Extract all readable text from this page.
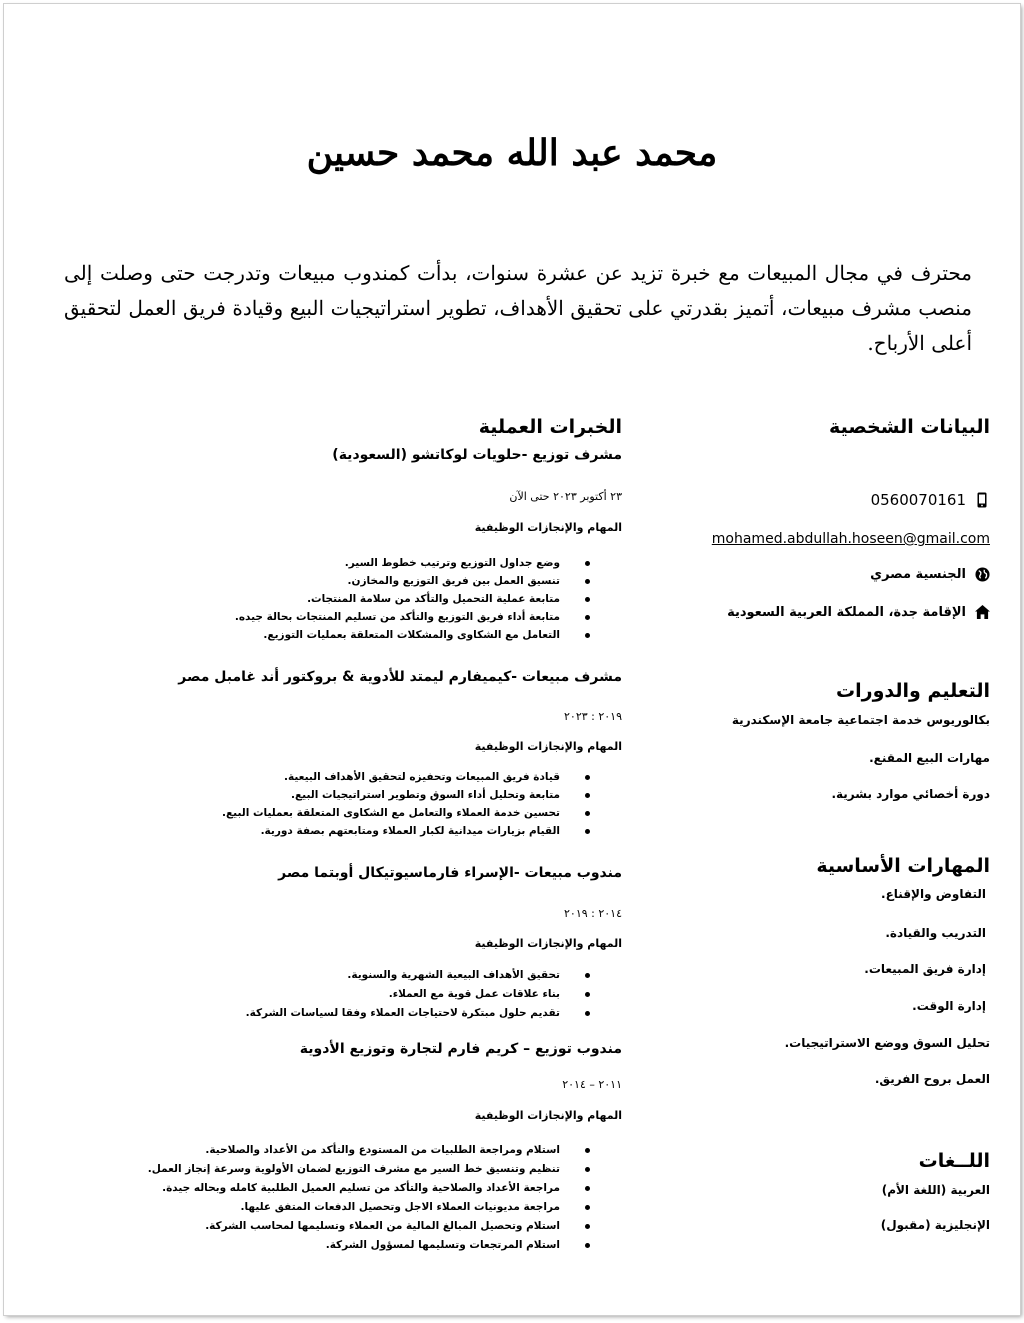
محمد عبد الله محمد حسين

محترف في مجال المبيعات مع خبرة تزيد عن عشرة سنوات، بدأت كمندوب مبيعات وتدرجت حتى وصلت إلى منصب مشرف مبيعات، أتميز بقدرتي على تحقيق الأهداف، تطوير استراتيجيات البيع وقيادة فريق العمل لتحقيق أعلى الأرباح.

البيانات الشخصية
0560070161
mohamed.abdullah.hoseen@gmail.com
الجنسية مصري
الإقامة جدة، المملكة العربية السعودية
التعليم والدورات

بكالوريوس خدمة اجتماعية جامعة الإسكندرية

مهارات البيع المقنع.

دورة أخصائي موارد بشرية.

المهارات الأساسية

التفاوض والإقناع.

التدريب والقيادة.

إدارة فريق المبيعات.

إدارة الوقت.

تحليل السوق ووضع الاستراتيجيات.

العمل بروح الفريق.

اللــغات

العربية (اللغة الأم)

الإنجليزية (مقبول)

الخبرات العملية
مشرف توزيع -حلويات لوكاتشو (السعودية)

٢٣ أكتوبر ٢٠٢٣ حتى الآن

المهام والإنجازات الوظيفية

وضع جداول التوزيع وترتيب خطوط السير.
تنسيق العمل بين فريق التوزيع والمخازن.
متابعة عملية التحميل والتأكد من سلامة المنتجات.
متابعة أداء فريق التوزيع والتأكد من تسليم المنتجات بحالة جيده.
التعامل مع الشكاوى والمشكلات المتعلقة بعمليات التوزيع.
مشرف مبيعات -كيميفارم ليمتد للأدوية & بروكتور أند غامبل مصر

٢٠١٩ : ٢٠٢٣

المهام والإنجازات الوظيفية

قيادة فريق المبيعات وتحفيزه لتحقيق الأهداف البيعية.
متابعة وتحليل أداء السوق وتطوير استراتيجيات البيع.
تحسين خدمة العملاء والتعامل مع الشكاوى المتعلقة بعمليات البيع.
القيام بزيارات ميدانية لكبار العملاء ومتابعتهم بصفة دورية.
مندوب مبيعات -الإسراء فارماسيوتيكال أوبتما مصر

٢٠١٤ : ٢٠١٩

المهام والإنجازات الوظيفية

تحقيق الأهداف البيعية الشهرية والسنوية.
بناء علاقات عمل قوية مع العملاء.
تقديم حلول مبتكرة لاحتياجات العملاء وفقا لسياسات الشركة.
مندوب توزيع – كريم فارم لتجارة وتوزيع الأدوية

٢٠١١ – ٢٠١٤

المهام والإنجازات الوظيفية

استلام ومراجعة الطلبيات من المستودع والتأكد من الأعداد والصلاحية.
تنظيم وتنسيق خط السير مع مشرف التوزيع لضمان الأولوية وسرعة إنجاز العمل.
مراجعة الأعداد والصلاحية والتأكد من تسليم العميل الطلبية كامله وبحاله جيدة.
مراجعة مديونيات العملاء الاجل وتحصيل الدفعات المتفق عليها.
استلام وتحصيل المبالغ المالية من العملاء وتسليمها لمحاسب الشركة.
استلام المرتجعات وتسليمها لمسؤول الشركة.
